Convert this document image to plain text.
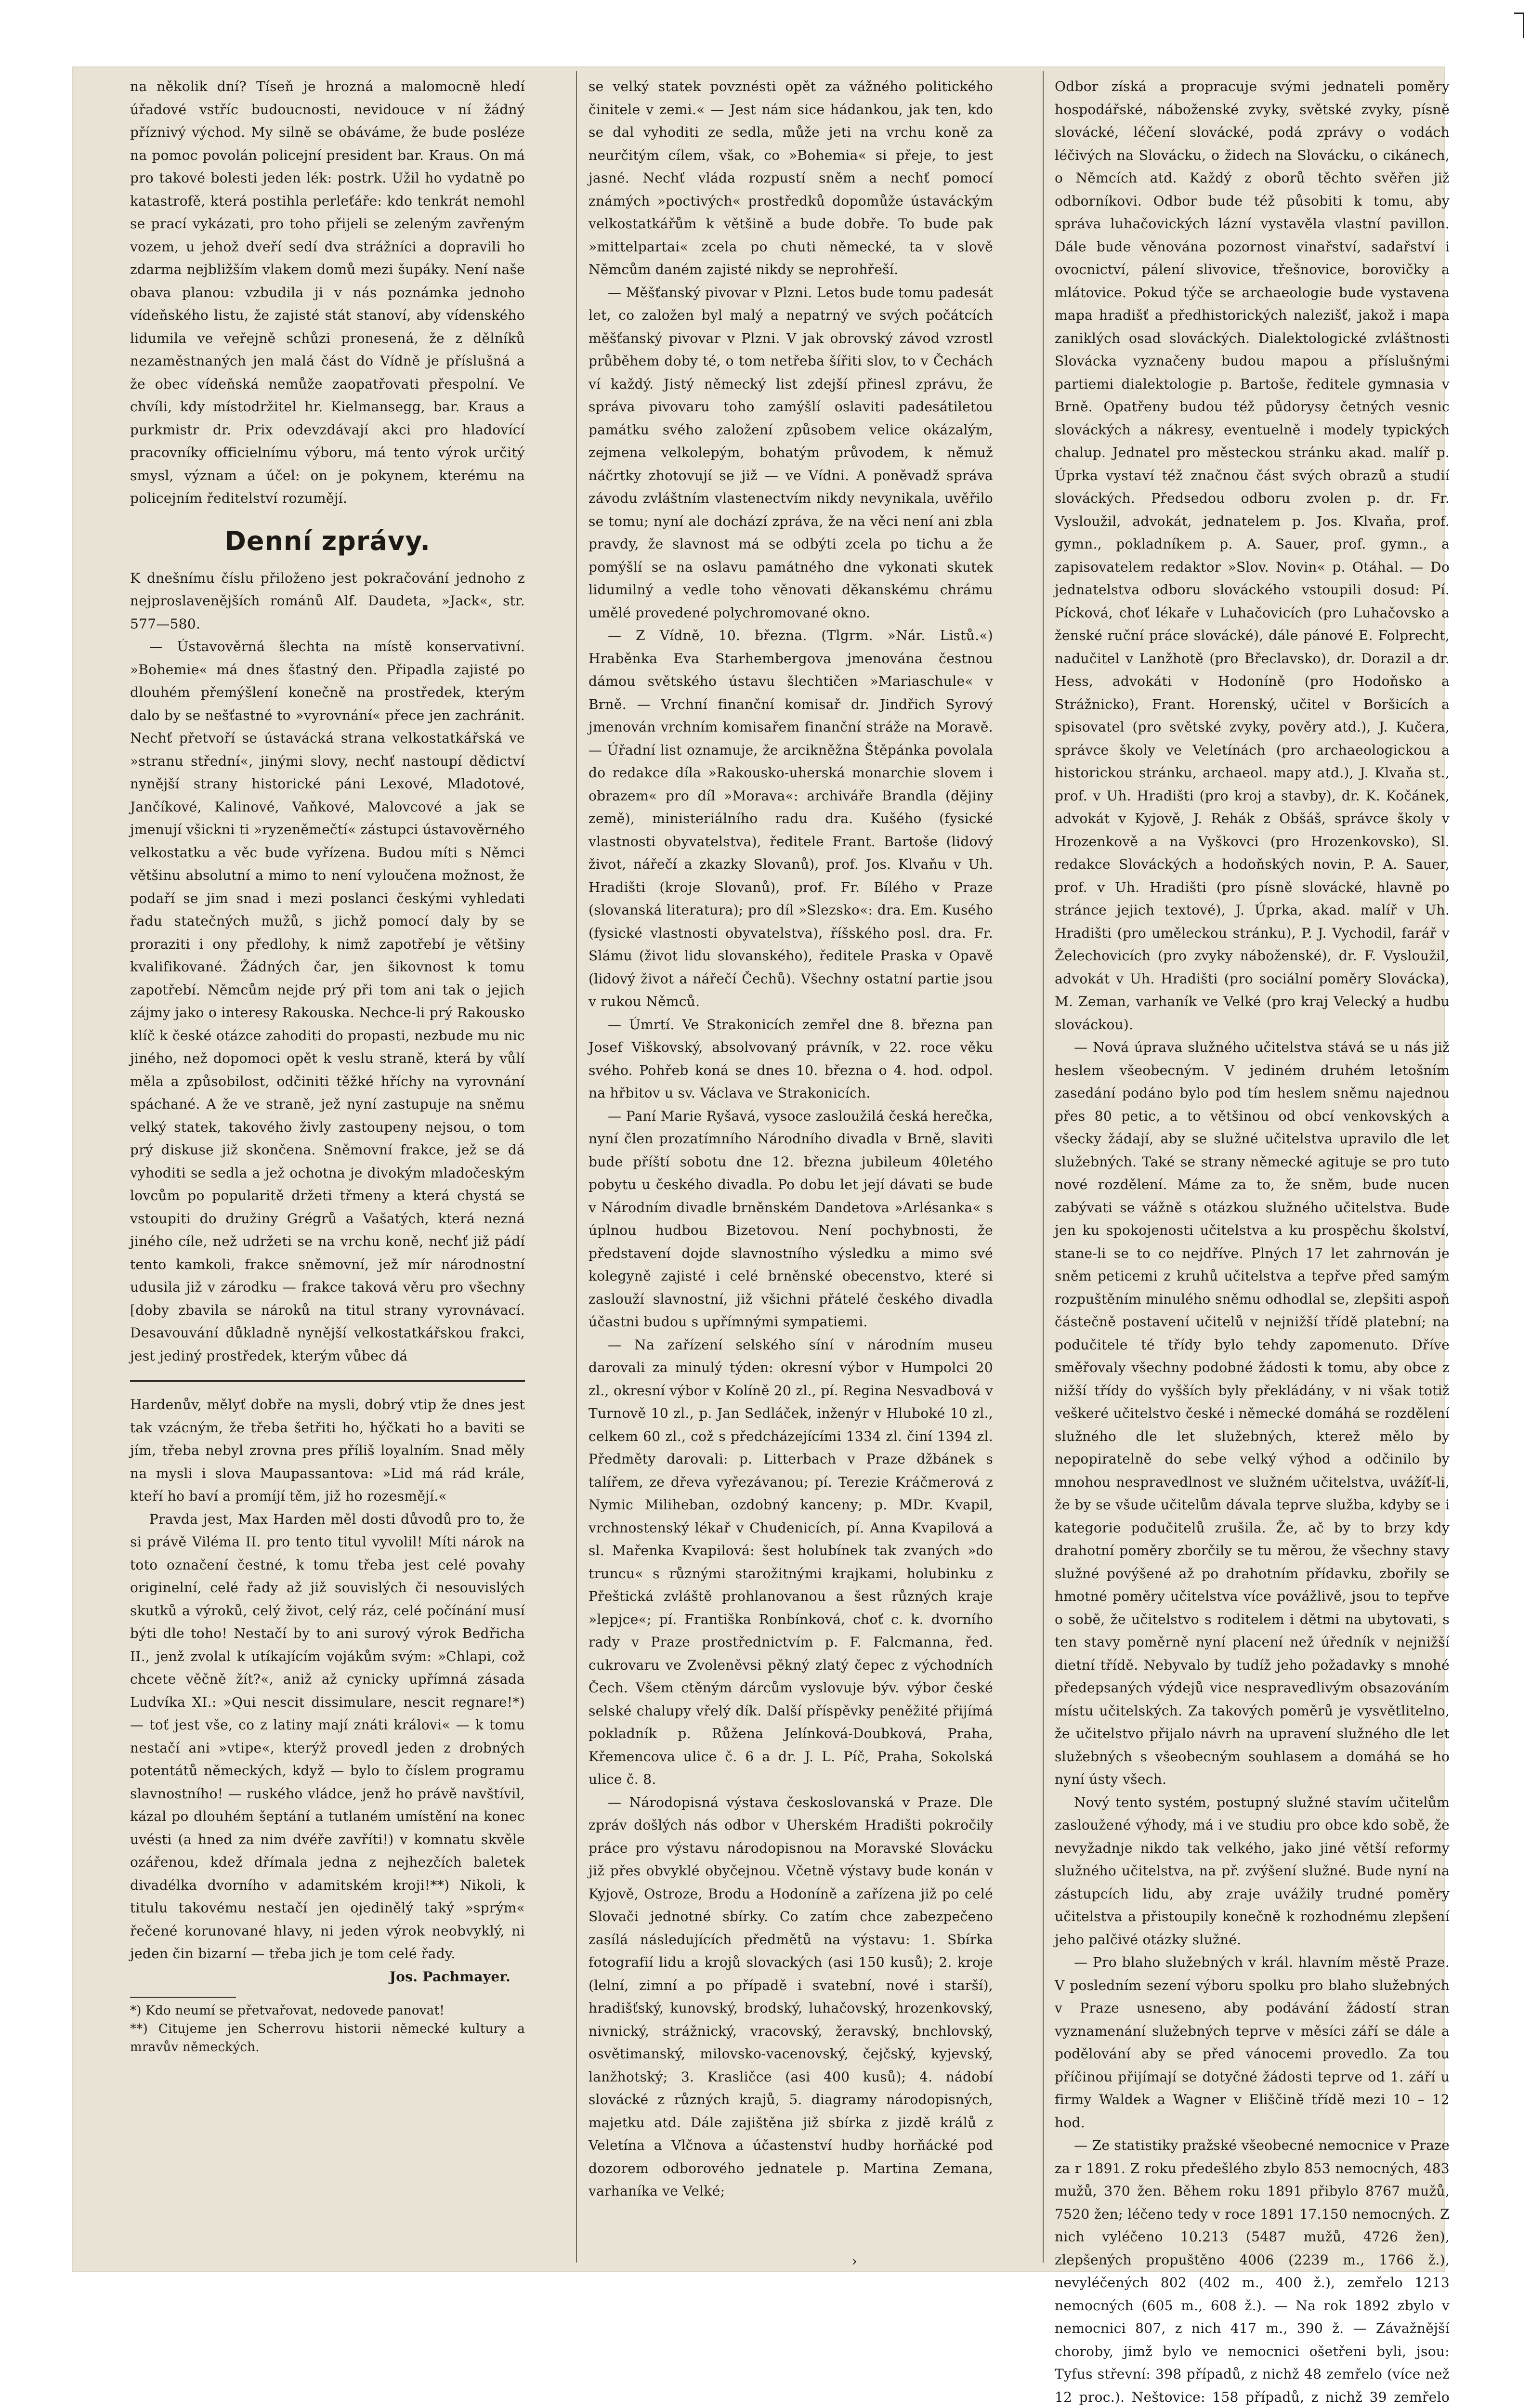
na několik dní? Tíseň je hrozná a malomocně hledí úřadové vstříc budoucnosti, nevidouce v ní žádný příznivý východ. My silně se obáváme, že bude posléze na pomoc povolán policejní president bar. Kraus. On má pro takové bolesti jeden lék: postrk. Užil ho vydatně po katastrofě, která postihla perleťáře: kdo tenkrát nemohl se prací vykázati, pro toho přijeli se zeleným zavřeným vozem, u jehož dveří sedí dva strážníci a dopravili ho zdarma nejbližším vlakem domů mezi šupáky. Není naše obava planou: vzbudila ji v nás poznámka jednoho vídeňského listu, že zajisté stát stanoví, aby vídenského lidumila ve veřejně schůzi pronesená, že z dělníků nezaměstnaných jen malá část do Vídně je příslušná a že obec vídeňská nemůže zaopatřovati přespolní. Ve chvíli, kdy místodržitel hr. Kielmansegg, bar. Kraus a purkmistr dr. Prix odevzdávají akci pro hladovící pracovníky officielnímu výboru, má tento výrok určitý smysl, význam a účel: on je pokynem, kterému na policejním ředitelství rozumějí.

Denní zprávy.

K dnešnímu číslu přiloženo jest pokračování jednoho z nejproslavenějších románů Alf. Daudeta, »Jack«, str. 577—580.

— Ústavověrná šlechta na místě konservativní. »Bohemie« má dnes šťastný den. Připadla zajisté po dlouhém přemýšlení konečně na prostředek, kterým dalo by se nešťastné to »vyrovnání« přece jen zachránit. Nechť přetvoří se ústavácká strana velkostatkářská ve »stranu střední«, jinými slovy, nechť nastoupí dědictví nynější strany historické páni Lexové, Mladotové, Jančíkové, Kalinové, Vaňkové, Malovcové a jak se jmenují všickni ti »ryzeněmečtí« zástupci ústavověrného velkostatku a věc bude vyřízena. Budou míti s Němci většinu absolutní a mimo to není vyloučena možnost, že podaří se jim snad i mezi poslanci českými vyhledati řadu statečných mužů, s jichž pomocí daly by se proraziti i ony předlohy, k nimž zapotřebí je většiny kvalifikované. Žádných čar, jen šikovnost k tomu zapotřebí. Němcům nejde prý při tom ani tak o jejich zájmy jako o interesy Rakouska. Nechce-li prý Rakousko klíč k české otázce zahoditi do propasti, nezbude mu nic jiného, než dopomoci opět k veslu straně, která by vůlí měla a způsobilost, odčiniti těžké hříchy na vyrovnání spáchané. A že ve straně, jež nyní zastupuje na sněmu velký statek, takového živly zastoupeny nejsou, o tom prý diskuse již skončena. Sněmovní frakce, jež se dá vyhoditi se sedla a jež ochotna je divokým mladočeským lovcům po popularitě držeti třmeny a která chystá se vstoupiti do družiny Grégrů a Vašatých, která nezná jiného cíle, než udržeti se na vrchu koně, nechť již pádí tento kamkoli, frakce sněmovní, jež mír národnostní udusila již v zárodku — frakce taková věru pro všechny [doby zbavila se nároků na titul strany vyrovnávací. Desavouvání důkladně nynější velkostatkářskou frakci, jest jediný prostředek, kterým vůbec dá

Hardenův, mělyť dobře na mysli, dobrý vtip že dnes jest tak vzácným, že třeba šetřiti ho, hýčkati ho a baviti se jím, třeba nebyl zrovna pres příliš loyalním. Snad měly na mysli i slova Maupassantova: »Lid má rád krále, kteří ho baví a promíjí těm, již ho rozesmějí.«

Pravda jest, Max Harden měl dosti důvodů pro to, že si právě Viléma II. pro tento titul vyvolil! Míti nárok na toto označení čestné, k tomu třeba jest celé povahy originelní, celé řady až již souvislých či nesouvislých skutků a výroků, celý život, celý ráz, celé počínání musí býti dle toho! Nestačí by to ani surový výrok Bedřicha II., jenž zvolal k utíkajícím vojákům svým: »Chlapi, což chcete věčně žít?«, aniž až cynicky upřímná zásada Ludvíka XI.: »Qui nescit dissimulare, nescit regnare!*) — toť jest vše, co z latiny mají znáti královi« — k tomu nestačí ani »vtipe«, kterýž provedl jeden z drobných potentátů německých, když — bylo to číslem programu slavnostního! — ruského vládce, jenž ho právě navštívil, kázal po dlouhém šeptání a tutlaném umístění na konec uvésti (a hned za nim dvéře zavříti!) v komnatu skvěle ozářenou, kdež dřímala jedna z nejhezčích baletek divadélka dvorního v adamitském kroji!**) Nikoli, k titulu takovému nestačí jen ojedinělý taký »sprým« řečené korunované hlavy, ni jeden výrok neobvyklý, ni jeden čin bizarní — třeba jich je tom celé řady.

Jos. Pachmayer.

*) Kdo neumí se přetvařovat, nedovede panovat!

**) Citujeme jen Scherrovu historii německé kultury a mravův německých.

se velký statek povznésti opět za vážného politického činitele v zemi.« — Jest nám sice hádankou, jak ten, kdo se dal vyhoditi ze sedla, může jeti na vrchu koně za neurčitým cílem, však, co »Bohemia« si přeje, to jest jasné. Nechť vláda rozpustí sněm a nechť pomocí známých »poctivých« prostředků dopomůže ústaváckým velkostatkářům k většině a bude dobře. To bude pak »mittelpartai« zcela po chuti německé, ta v slově Němcům daném zajisté nikdy se neprohřeší.

— Měšťanský pivovar v Plzni. Letos bude tomu padesát let, co založen byl malý a nepatrný ve svých počátcích měšťanský pivovar v Plzni. V jak obrovský závod vzrostl průběhem doby té, o tom netřeba šířiti slov, to v Čechách ví každý. Jistý německý list zdejší přinesl zprávu, že správa pivovaru toho zamýšlí oslaviti padesátiletou památku svého založení způsobem velice okázalým, zejmena velkolepým, bohatým průvodem, k němuž náčrtky zhotovují se již — ve Vídni. A poněvadž správa závodu zvláštním vlastenectvím nikdy nevynikala, uvěřilo se tomu; nyní ale dochází zpráva, že na věci není ani zbla pravdy, že slavnost má se odbýti zcela po tichu a že pomýšlí se na oslavu památného dne vykonati skutek lidumilný a vedle toho věnovati děkanskému chrámu umělé provedené polychromované okno.

— Z Vídně, 10. března. (Tlgrm. »Nár. Listů.«) Hraběnka Eva Starhembergova jmenována čestnou dámou světského ústavu šlechtičen »Mariaschule« v Brně. — Vrchní finanční komisař dr. Jindřich Syrový jmenován vrchním komisařem finanční stráže na Moravě. — Úřadní list oznamuje, že arcikněžna Štěpánka povolala do redakce díla »Rakousko-uherská monarchie slovem i obrazem« pro díl »Morava«: archiváře Brandla (dějiny země), ministeriálního radu dra. Kušého (fysické vlastnosti obyvatelstva), ředitele Frant. Bartoše (lidový život, nářečí a zkazky Slovanů), prof. Jos. Klvaňu v Uh. Hradišti (kroje Slovanů), prof. Fr. Bílého v Praze (slovanská literatura); pro díl »Slezsko«: dra. Em. Kusého (fysické vlastnosti obyvatelstva), říšského posl. dra. Fr. Slámu (život lidu slovanského), ředitele Praska v Opavě (lidový život a nářečí Čechů). Všechny ostatní partie jsou v rukou Němců.

— Úmrtí. Ve Strakonicích zemřel dne 8. března pan Josef Viškovský, absolvovaný právník, v 22. roce věku svého. Pohřeb koná se dnes 10. března o 4. hod. odpol. na hřbitov u sv. Václava ve Strakonicích.

— Paní Marie Ryšavá, vysoce zasloužilá česká herečka, nyní člen prozatímního Národního divadla v Brně, slaviti bude příští sobotu dne 12. března jubileum 40letého pobytu u českého divadla. Po dobu let její dávati se bude v Národním divadle brněnském Dandetova »Arlésanka« s úplnou hudbou Bizetovou. Není pochybnosti, že představení dojde slavnostního výsledku a mimo své kolegyně zajisté i celé brněnské obecenstvo, které si zaslouží slavnostní, již všichni přátelé českého divadla účastni budou s upřímnými sympatiemi.

— Na zařízení selského síní v národním museu darovali za minulý týden: okresní výbor v Humpolci 20 zl., okresní výbor v Kolíně 20 zl., pí. Regina Nesvadbová v Turnově 10 zl., p. Jan Sedláček, inženýr v Hluboké 10 zl., celkem 60 zl., což s předcházejícími 1334 zl. činí 1394 zl. Předměty darovali: p. Litterbach v Praze džbánek s talířem, ze dřeva vyřezávanou; pí. Terezie Kráčmerová z Nymic Miliheban, ozdobný kanceny; p. MDr. Kvapil, vrchnostenský lékař v Chudenicích, pí. Anna Kvapilová a sl. Mařenka Kvapilová: šest holubínek tak zvaných »do truncu« s různými starožitnými krajkami, holubinku z Přeštická zvláště prohlanovanou a šest různých kraje »lepjce«; pí. Františka Ronbínková, choť c. k. dvorního rady v Praze prostřednictvím p. F. Falcmanna, řed. cukrovaru ve Zvoleněvsi pěkný zlatý čepec z východních Čech. Všem ctěným dárcům vyslovuje býv. výbor české selské chalupy vřelý dík. Další příspěvky peněžité přijímá pokladník p. Růžena Jelínková-Doubková, Praha, Křemencova ulice č. 6 a dr. J. L. Píč, Praha, Sokolská ulice č. 8.

— Národopisná výstava českoslovanská v Praze. Dle zpráv došlých nás odbor v Uherském Hradišti pokročily práce pro výstavu národopisnou na Moravské Slovácku již přes obvyklé obyčejnou. Včetně výstavy bude konán v Kyjově, Ostroze, Brodu a Hodoníně a zařízena již po celé Slovači jednotné sbírky. Co zatím chce zabezpečeno zasílá následujících předmětů na výstavu: 1. Sbírka fotografií lidu a krojů slovackých (asi 150 kusů); 2. kroje (lelní, zimní a po případě i svatební, nové i starší), hradišťský, kunovský, brodský, luhačovský, hrozenkovský, nivnický, strážnický, vracovský, žeravský, bnchlovský, osvětimanský, milovsko-vacenovský, čejčský, kyjevský, lanžhotský; 3. Krasličce (asi 400 kusů); 4. nádobí slovácké z různých krajů, 5. diagramy národopisných, majetku atd. Dále zajištěna již sbírka z jizdě králů z Veletína a Vlčnova a účastenství hudby horňácké pod dozorem odborového jednatele p. Martina Zemana, varhaníka ve Velké;

Odbor získá a propracuje svými jednateli poměry hospodářské, náboženské zvyky, světské zvyky, písně slovácké, léčení slovácké, podá zprávy o vodách léčivých na Slovácku, o židech na Slovácku, o cikánech, o Němcích atd. Každý z oborů těchto svěřen již odborníkovi. Odbor bude též působiti k tomu, aby správa luhačovických lázní vystavěla vlastní pavillon. Dále bude věnována pozornost vinařství, sadařství i ovocnictví, pálení slivovice, třešnovice, borovičky a mlátovice. Pokud týče se archaeologie bude vystavena mapa hradišť a předhistorických nalezišť, jakož i mapa zaniklých osad slováckých. Dialektologické zvláštnosti Slovácka vyznačeny budou mapou a příslušnými partiemi dialektologie p. Bartoše, ředitele gymnasia v Brně. Opatřeny budou též půdorysy četných vesnic slováckých a nákresy, eventuelně i modely typických chalup. Jednatel pro městeckou stránku akad. malíř p. Úprka vystaví též značnou část svých obrazů a studií slováckých. Předsedou odboru zvolen p. dr. Fr. Vysloužil, advokát, jednatelem p. Jos. Klvaňa, prof. gymn., pokladníkem p. A. Sauer, prof. gymn., a zapisovatelem redaktor »Slov. Novin« p. Otáhal. — Do jednatelstva odboru slováckého vstoupili dosud: Pí. Pícková, choť lékaře v Luhačovicích (pro Luhačovsko a ženské ruční práce slovácké), dále pánové E. Folprecht, nadučitel v Lanžhotě (pro Břeclavsko), dr. Dorazil a dr. Hess, advokáti v Hodoníně (pro Hodoňsko a Strážnicko), Frant. Horenský, učitel v Boršicích a spisovatel (pro světské zvyky, pověry atd.), J. Kučera, správce školy ve Veletínách (pro archaeologickou a historickou stránku, archaeol. mapy atd.), J. Klvaňa st., prof. v Uh. Hradišti (pro kroj a stavby), dr. K. Kočánek, advokát v Kyjově, J. Rehák z Obšáš, správce školy v Hrozenkově a na Vyškovci (pro Hrozenkovsko), Sl. redakce Slováckých a hodoňských novin, P. A. Sauer, prof. v Uh. Hradišti (pro písně slovácké, hlavně po stránce jejich textové), J. Úprka, akad. malíř v Uh. Hradišti (pro uměleckou stránku), P. J. Vychodil, farář v Želechovicích (pro zvyky náboženské), dr. F. Vysloužil, advokát v Uh. Hradišti (pro sociální poměry Slovácka), M. Zeman, varhaník ve Velké (pro kraj Velecký a hudbu slováckou).

— Nová úprava služného učitelstva stává se u nás již heslem všeobecným. V jediném druhém letošním zasedání podáno bylo pod tím heslem sněmu najednou přes 80 petic, a to většinou od obcí venkovských a všecky žádají, aby se služné učitelstva upravilo dle let služebných. Také se strany německé agituje se pro tuto nové rozdělení. Máme za to, že sněm, bude nucen zabývati se vážně s otázkou služného učitelstva. Bude jen ku spokojenosti učitelstva a ku prospěchu školství, stane-li se to co nejdříve. Plných 17 let zahrnován je sněm peticemi z kruhů učitelstva a tepřve před samým rozpuštěním minulého sněmu odhodlal se, zlepšiti aspoň částečně postavení učitelů v nejnižší třídě platební; na podučitele té třídy bylo tehdy zapomenuto. Dříve směřovaly všechny podobné žádosti k tomu, aby obce z nižší třídy do vyšších byly překládány, v ni však totiž veškeré učitelstvo české i německé domáhá se rozdělení služného dle let služebných, kterež mělo by nepopiratelně do sebe velký výhod a odčinilo by mnohou nespravedlnost ve služném učitelstva, uvážíť-li, že by se všude učitelům dávala teprve služba, kdyby se i kategorie podučitelů zrušila. Že, ač by to brzy kdy drahotní poměry zborčily se tu měrou, že všechny stavy služné povýšené až po drahotním přídavku, zbořily se hmotné poměry učitelstva více povážlivě, jsou to tepřve o sobě, že učitelstvo s roditelem i dětmi na ubytovati, s ten stavy poměrně nyní placení než úředník v nejnižší dietní třídě. Nebyvalo by tudíž jeho požadavky s mnohé předepsaných výdejů vice nespravedlivým obsazováním místu učitelských. Za takových poměrů je vysvětlitelno, že učitelstvo přijalo návrh na upravení služného dle let služebných s všeobecným souhlasem a domáhá se ho nyní ústy všech.

Nový tento systém, postupný služné stavím učitelům zasloužené výhody, má i ve studiu pro obce kdo sobě, že nevyžadnje nikdo tak velkého, jako jiné větší reformy služného učitelstva, na př. zvýšení služné. Bude nyní na zástupcích lidu, aby zraje uvážily trudné poměry učitelstva a přistoupily konečně k rozhodnému zlepšení jeho palčivé otázky služné.

— Pro blaho služebných v král. hlavním městě Praze. V posledním sezení výboru spolku pro blaho služebných v Praze usneseno, aby podávání žádostí stran vyznamenání služebných teprve v měsíci září se dále a podělování aby se před vánocemi provedlo. Za tou příčinou přijímají se dotyčné žádosti teprve od 1. září u firmy Waldek a Wagner v Eliščině třídě mezi 10 – 12 hod.

— Ze statistiky pražské všeobecné nemocnice v Praze za r 1891. Z roku předešlého zbylo 853 nemocných, 483 mužů, 370 žen. Během roku 1891 přibylo 8767 mužů, 7520 žen; léčeno tedy v roce 1891 17.150 nemocných. Z nich vyléčeno 10.213 (5487 mužů, 4726 žen), zlepšených propuštěno 4006 (2239 m., 1766 ž.), nevyléčených 802 (402 m., 400 ž.), zemřelo 1213 nemocných (605 m., 608 ž.). — Na rok 1892 zbylo v nemocnici 807, z nich 417 m., 390 ž. — Závažnější choroby, jimž bylo ve nemocnici ošetřeni byli, jsou: Tyfus střevní: 398 případů, z nichž 48 zemřelo (více než 12 proc.). Neštovice: 158 případů, z nichž 39 zemřelo

›
